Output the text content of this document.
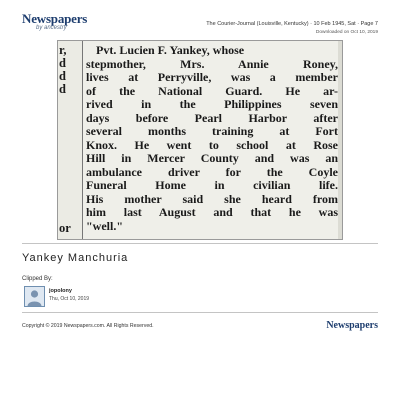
Newspapers
by ancestry
The Courier-Journal (Louisville, Kentucky) · 10 Feb 1945, Sat · Page 7
Downloaded on Oct 10, 2019
r,
d
d
d
or
Pvt. Lucien F. Yankey, whose
stepmother, Mrs. Annie Roney,
lives at Perryville, was a member
of the National Guard. He ar-
rived in the Philippines seven
days before Pearl Harbor after
several months training at Fort
Knox. He went to school at Rose
Hill in Mercer County and was an
ambulance driver for the Coyle
Funeral Home in civilian life.
His mother said she heard from
him last August and that he was
"well."
Yankey Manchuria
Clipped By:
jopolony
Thu, Oct 10, 2019
Copyright © 2019 Newspapers.com. All Rights Reserved.	Newspapers
